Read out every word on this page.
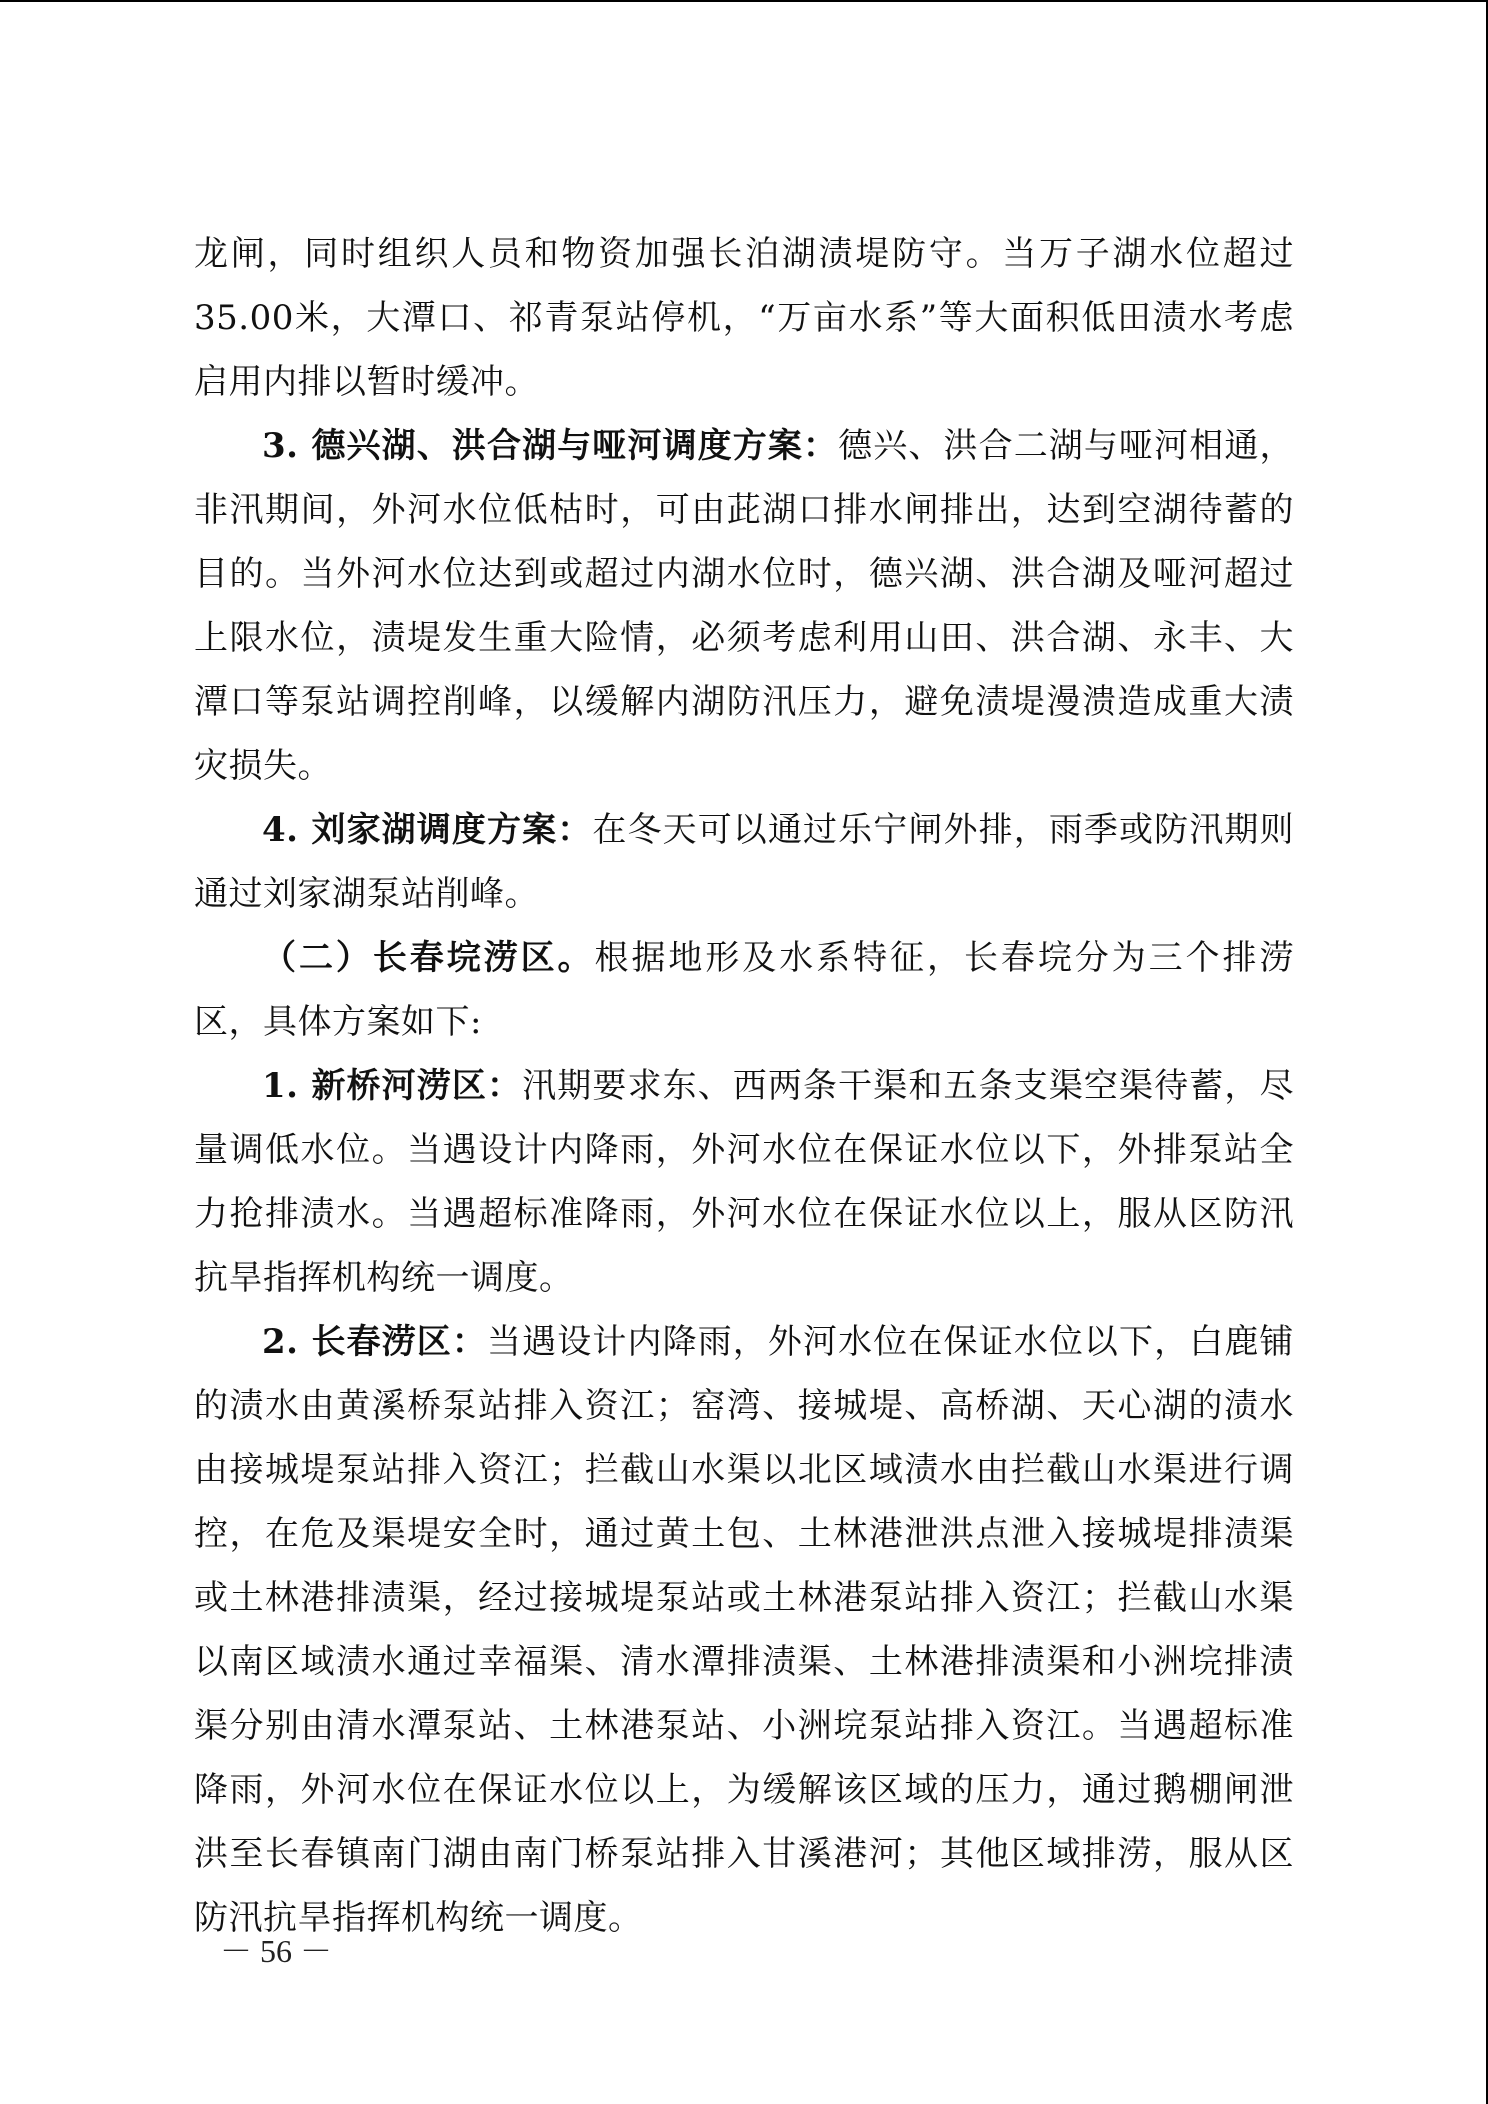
龙闸，同时组织人员和物资加强长泊湖渍堤防守。当万子湖水位超过35.00米，大潭口、祁青泵站停机，“万亩水系”等大面积低田渍水考虑启用内排以暂时缓冲。

3. 德兴湖、洪合湖与哑河调度方案：德兴、洪合二湖与哑河相通，非汛期间，外河水位低枯时，可由茈湖口排水闸排出，达到空湖待蓄的目的。当外河水位达到或超过内湖水位时，德兴湖、洪合湖及哑河超过上限水位，渍堤发生重大险情，必须考虑利用山田、洪合湖、永丰、大潭口等泵站调控削峰，以缓解内湖防汛压力，避免渍堤漫溃造成重大渍灾损失。

4. 刘家湖调度方案：在冬天可以通过乐宁闸外排，雨季或防汛期则通过刘家湖泵站削峰。

（二）长春垸涝区。根据地形及水系特征，长春垸分为三个排涝区，具体方案如下:

1. 新桥河涝区：汛期要求东、西两条干渠和五条支渠空渠待蓄，尽量调低水位。当遇设计内降雨，外河水位在保证水位以下，外排泵站全力抢排渍水。当遇超标准降雨，外河水位在保证水位以上，服从区防汛抗旱指挥机构统一调度。

2. 长春涝区：当遇设计内降雨，外河水位在保证水位以下，白鹿铺的渍水由黄溪桥泵站排入资江；窑湾、接城堤、高桥湖、天心湖的渍水由接城堤泵站排入资江；拦截山水渠以北区域渍水由拦截山水渠进行调控，在危及渠堤安全时，通过黄土包、土林港泄洪点泄入接城堤排渍渠或土林港排渍渠，经过接城堤泵站或土林港泵站排入资江；拦截山水渠以南区域渍水通过幸福渠、清水潭排渍渠、土林港排渍渠和小洲垸排渍渠分别由清水潭泵站、土林港泵站、小洲垸泵站排入资江。当遇超标准降雨，外河水位在保证水位以上，为缓解该区域的压力，通过鹅棚闸泄洪至长春镇南门湖由南门桥泵站排入甘溪港河；其他区域排涝，服从区防汛抗旱指挥机构统一调度。

－ 56 －
